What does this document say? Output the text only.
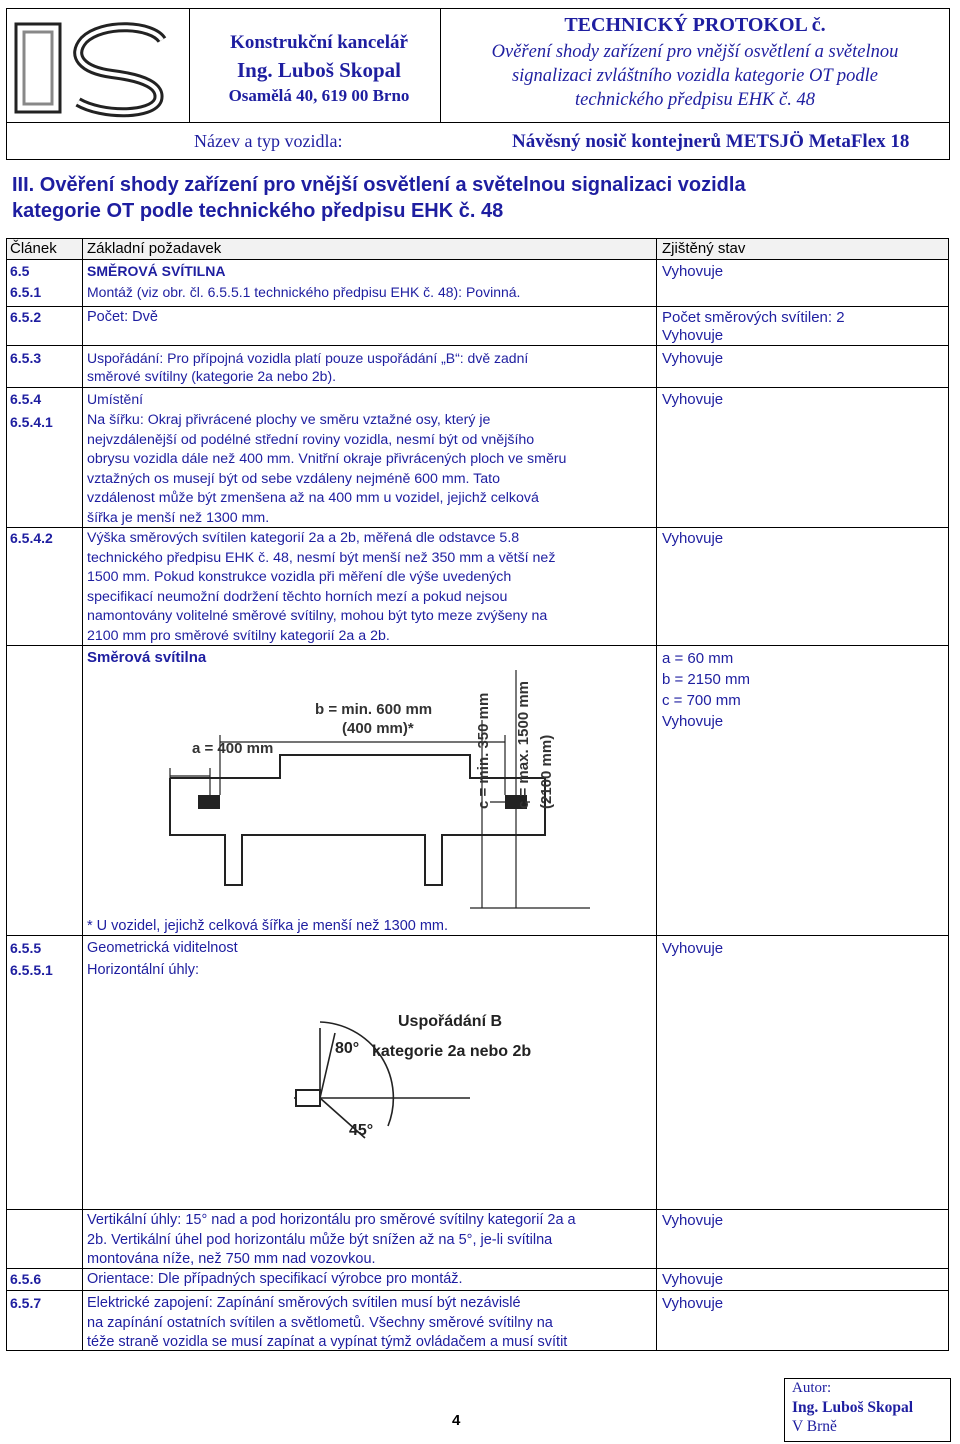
Konstrukční kancelář
Ing. Luboš Skopal
Osamělá 40, 619 00 Brno
TECHNICKÝ PROTOKOL č.
Ověření shody zařízení pro vnější osvětlení a světelnou
signalizaci zvláštního vozidla kategorie OT podle
technického předpisu EHK č. 48
Název a typ vozidla:	Návěsný nosič kontejnerů METSJÖ MetaFlex 18
III. Ověření shody zařízení pro vnější osvětlení a světelnou signalizaci vozidla
kategorie OT podle technického předpisu EHK č. 48
Článek Základní požadavek	Zjištěný stav
6.5	SMĚROVÁ SVÍTILNA	Vyhovuje
6.5.1	Montáž (viz obr. čl. 6.5.5.1 technického předpisu EHK č. 48): Povinná.
6.5.2	Počet: Dvě	Počet směrových svítilen: 2
Vyhovuje
6.5.3	Uspořádání: Pro přípojná vozidla platí pouze uspořádání „B“: dvě zadní
směrové svítilny (kategorie 2a nebo 2b).
Vyhovuje
6.5.4	Umístění	Vyhovuje
6.5.4.1 Na šířku: Okraj přivrácené plochy ve směru vztažné osy, který je
nejvzdálenější od podélné střední roviny vozidla, nesmí být od vnějšího
obrysu vozidla dále než 400 mm. Vnitřní okraje přivrácených ploch ve směru
vztažných os musejí být od sebe vzdáleny nejméně 600 mm. Tato
vzdálenost může být zmenšena až na 400 mm u vozidel, jejichž celková
šířka je menší než 1300 mm.
6.5.4.2 Výška směrových svítilen kategorií 2a a 2b, měřená dle odstavce 5.8
technického předpisu EHK č. 48, nesmí být menší než 350 mm a větší než
1500 mm. Pokud konstrukce vozidla při měření dle výše uvedených
specifikací neumožní dodržení těchto horních mezí a pokud nejsou
namontovány volitelné směrové svítilny, mohou být tyto meze zvýšeny na
2100 mm pro směrové svítilny kategorií 2a a 2b.
Vyhovuje
Směrová svítilna	a = 60 mm
b = 2150 mm
c = 700 mm
Vyhovuje
a = 400 mm
b = min. 600 mm
(400 mm)*	c = min. 350 mm c = max. 1500 mm (2100 mm)
* U vozidel, jejichž celková šířka je menší než 1300 mm.
6.5.5	Geometrická viditelnost	Vyhovuje
6.5.5.1 Horizontální úhly:
Uspořádání B
kategorie 2a nebo 2b
80°
45°
Vertikální úhly: 15° nad a pod horizontálu pro směrové svítilny kategorií 2a a
2b. Vertikální úhel pod horizontálu může být snížen až na 5°, je-li svítilna
montována níže, než 750 mm nad vozovkou.
Vyhovuje
6.5.6	Orientace: Dle případných specifikací výrobce pro montáž.	Vyhovuje
6.5.7	Elektrické zapojení: Zapínání směrových svítilen musí být nezávislé
na zapínání ostatních svítilen a světlometů. Všechny směrové svítilny na
téže straně vozidla se musí zapínat a vypínat týmž ovládačem a musí svítit
Vyhovuje
4
Autor:
Ing. Luboš Skopal
V Brně
